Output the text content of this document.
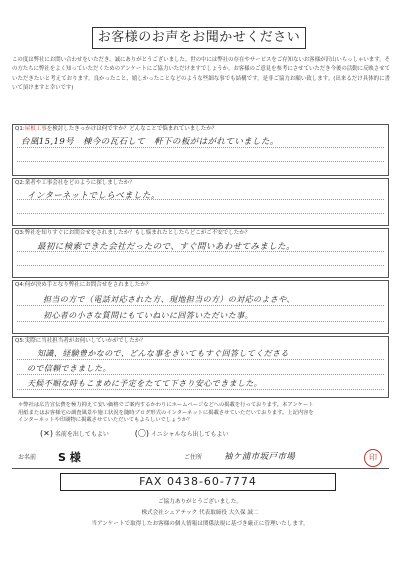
お客様のお声をお聞かせください
この度は弊社にお問い合わせをいただき、誠にありがとうございました。世の中には弊社の存在やサービスをご存知ないお客様が沢山いらっしゃいます。その方たちに弊社をよく知っていただくためのアンケートにご協力いただけますでしょうか。お客様のご意見を参考にさせていただき今後の活動に反映させていただきたいと考えております。良かったこと、嬉しかったことなどのような些細な事でも結構です。是非ご協力お願い致します。(出来るだけ具体的に書いて頂けますと幸いです)
Q1:屋根工事を検討したきっかけは何ですか？どんなことで悩まれていましたか？
台風15,19号　棟今の瓦石して　軒下の板がはがれていました。
Q2:業者や工事会社をどのように探しましたか？
インターネットでしらべました。
Q3:弊社を知りすぐにお問合せをされましたか？もし悩まれたとしたらどこがご不安でしたか？
最初に検索できた会社だったので、すぐ問いあわせてみました。
Q4:何が決め手となり弊社にお問合せをされましたか？
担当の方で（電話対応された方、現地担当の方）の対応のよさや、
初心者の小さな質問にもていねいに回答いただいた事。
Q5:実際に当社担当者がお伺いしていかがでしたか？
知識、経験豊かなので、どんな事をきいてもすぐ回答してくださる
ので信頼できました。
天候不順な時もこまめに予定をたてて下さり安心できました。
＊弊社は広告宣伝費を極力抑えて安い価格でご案内するかわりにホームページなどへの掲載を行っております。本アンケート
用紙またはお客様宅の調査風景や施工状況を随時ブログ形式のインターネットに掲載させていただいております。上記内容を
インターネットや印刷物に掲載させていただいてもよろしいでしょうか？
(✕) 名前を出してもよい	(〇) イニシャルなら出してもよい
お名前 S 様	ご住所	袖ケ浦市坂戸市場	印
FAX 0438-60-7774
ご協力ありがとうございました。
株式会社シェアテック 代表取締役 大久保 誠二
当アンケートで取得したお客様の個人情報は関係法規に基づき厳正に管理いたします。
